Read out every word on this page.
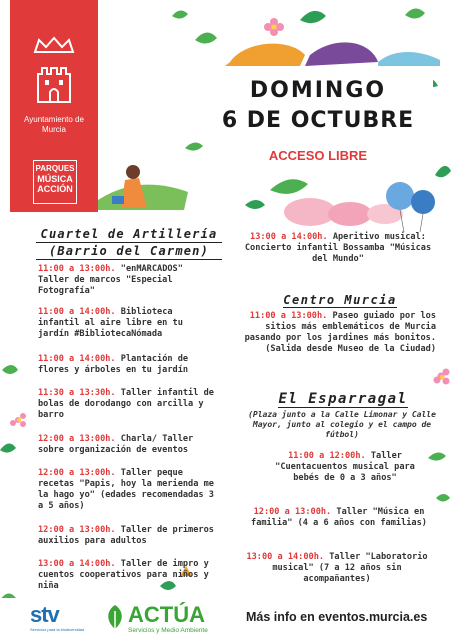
Ayuntamiento de Murcia
PARQUES
MÚSICA
ACCIÓN
DOMINGO
6 DE OCTUBRE
ACCESO LIBRE
Cuartel de Artillería
(Barrio del Carmen)
11:00 a 13:00h. "enMARCADOS" Taller de marcos "Especial Fotografía"
11:00 a 14:00h. Biblioteca infantil al aire libre en tu jardín #BibliotecaNómada
11:00 a 14:00h. Plantación de flores y árboles en tu jardín
11:30 a 13:30h. Taller infantil de bolas de dorodango con arcilla y barro
12:00 a 13:00h. Charla/ Taller sobre organización de eventos
12:00 a 13:00h. Taller peque recetas "Papis, hoy la merienda me la hago yo" (edades recomendadas 3 a 5 años)
12:00 a 13:00h. Taller de primeros auxilios para adultos
13:00 a 14:00h. Taller de impro y cuentos cooperativos para niños y niña
13:00 a 14:00h. Aperitivo musical: Concierto infantil Bossamba "Músicas del Mundo"
Centro Murcia
11:00 a 13:00h. Paseo guiado por los sitios más emblemáticos de Murcia pasando por los jardines más bonitos. (Salida desde Museo de la Ciudad)
El Esparragal
(Plaza junto a la Calle Limonar y Calle Mayor, junto al colegio y el campo de fútbol)
11:00 a 12:00h. Taller "Cuentacuentos musical para bebés de 0 a 3 años"
12:00 a 13:00h. Taller "Música en familia" (4 a 6 años con familias)
13:00 a 14:00h. Taller "Laboratorio musical" (7 a 12 años sin acompañantes)
stv
Servicios para la biodiversidad
ACTÚA
Servicios y Medio Ambiente
Más info en eventos.murcia.es
